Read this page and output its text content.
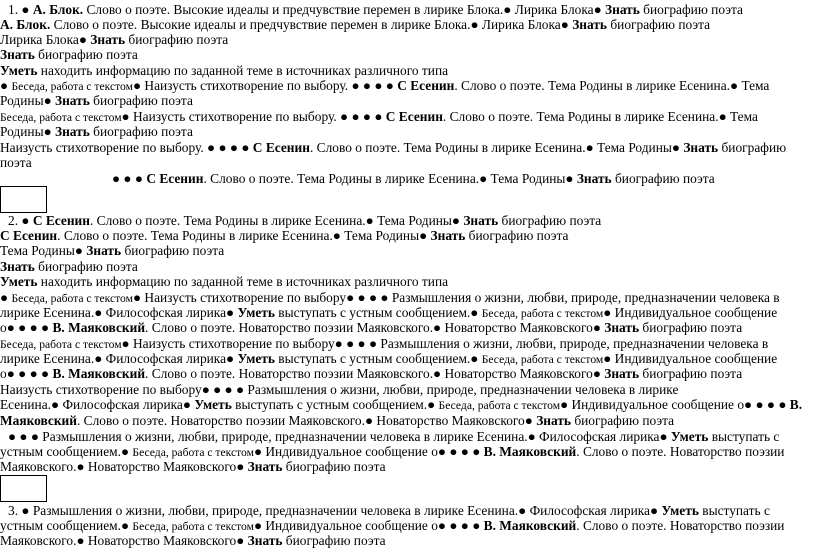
1. ● А. Блок. Слово о поэте. Высокие идеалы и предчувствие перемен в лирике Блока.● Лирика Блока● Знать биографию поэта
А. Блок. Слово о поэте. Высокие идеалы и предчувствие перемен в лирике Блока.● Лирика Блока● Знать биографию поэта
Лирика Блока● Знать биографию поэта
Знать биографию поэта
Уметь находить информацию по заданной теме в источниках различного типа
● Беседа, работа с текстом● Наизусть стихотворение по выбору. ● ● ● ● С Есенин. Слово о поэте. Тема Родины в лирике Есенина.● Тема
Родины● Знать биографию поэта
Беседа, работа с текстом● Наизусть стихотворение по выбору. ● ● ● ● С Есенин. Слово о поэте. Тема Родины в лирике Есенина.● Тема
Родины● Знать биографию поэта
Наизусть стихотворение по выбору. ● ● ● ● С Есенин. Слово о поэте. Тема Родины в лирике Есенина.● Тема Родины● Знать биографию
поэта
● ● ● С Есенин. Слово о поэте. Тема Родины в лирике Есенина.● Тема Родины● Знать биографию поэта
2. ● С Есенин. Слово о поэте. Тема Родины в лирике Есенина.● Тема Родины● Знать биографию поэта
С Есенин. Слово о поэте. Тема Родины в лирике Есенина.● Тема Родины● Знать биографию поэта
Тема Родины● Знать биографию поэта
Знать биографию поэта
Уметь находить информацию по заданной теме в источниках различного типа
● Беседа, работа с текстом● Наизусть стихотворение по выбору● ● ● ● Размышления о жизни, любви, природе, предназначении человека в
лирике Есенина.● Философская лирика● Уметь выступать с устным сообщением.● Беседа, работа с текстом● Индивидуальное сообщение
о● ● ● ● В. Маяковский. Слово о поэте. Новаторство поэзии Маяковского.● Новаторство Маяковского● Знать биографию поэта
Беседа, работа с текстом● Наизусть стихотворение по выбору● ● ● ● Размышления о жизни, любви, природе, предназначении человека в
лирике Есенина.● Философская лирика● Уметь выступать с устным сообщением.● Беседа, работа с текстом● Индивидуальное сообщение
о● ● ● ● В. Маяковский. Слово о поэте. Новаторство поэзии Маяковского.● Новаторство Маяковского● Знать биографию поэта
Наизусть стихотворение по выбору● ● ● ● Размышления о жизни, любви, природе, предназначении человека в лирике
Есенина.● Философская лирика● Уметь выступать с устным сообщением.● Беседа, работа с текстом● Индивидуальное сообщение о● ● ● ● В.
Маяковский. Слово о поэте. Новаторство поэзии Маяковского.● Новаторство Маяковского● Знать биографию поэта
● ● ● Размышления о жизни, любви, природе, предназначении человека в лирике Есенина.● Философская лирика● Уметь выступать с
устным сообщением.● Беседа, работа с текстом● Индивидуальное сообщение о● ● ● ● В. Маяковский. Слово о поэте. Новаторство поэзии
Маяковского.● Новаторство Маяковского● Знать биографию поэта
3. ● Размышления о жизни, любви, природе, предназначении человека в лирике Есенина.● Философская лирика● Уметь выступать с
устным сообщением.● Беседа, работа с текстом● Индивидуальное сообщение о● ● ● ● В. Маяковский. Слово о поэте. Новаторство поэзии
Маяковского.● Новаторство Маяковского● Знать биографию поэта
